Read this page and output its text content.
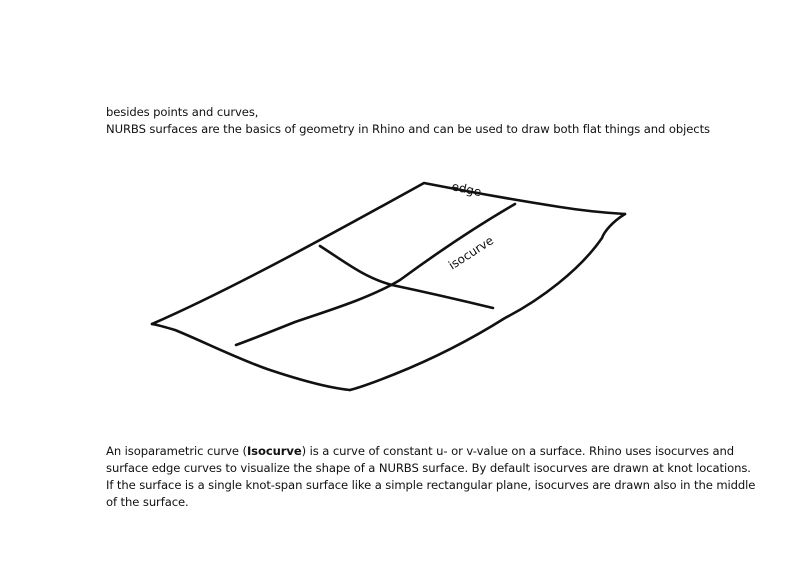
besides points and curves,
NURBS surfaces are the basics of geometry in Rhino and can be used to draw both flat things and objects
edge
isocurve
An isoparametric curve (Isocurve) is a curve of constant u- or v-value on a surface. Rhino uses isocurves and surface edge curves to visualize the shape of a NURBS surface. By default isocurves are drawn at knot locations. If the surface is a single knot-span surface like a simple rectangular plane, isocurves are drawn also in the middle of the surface.
